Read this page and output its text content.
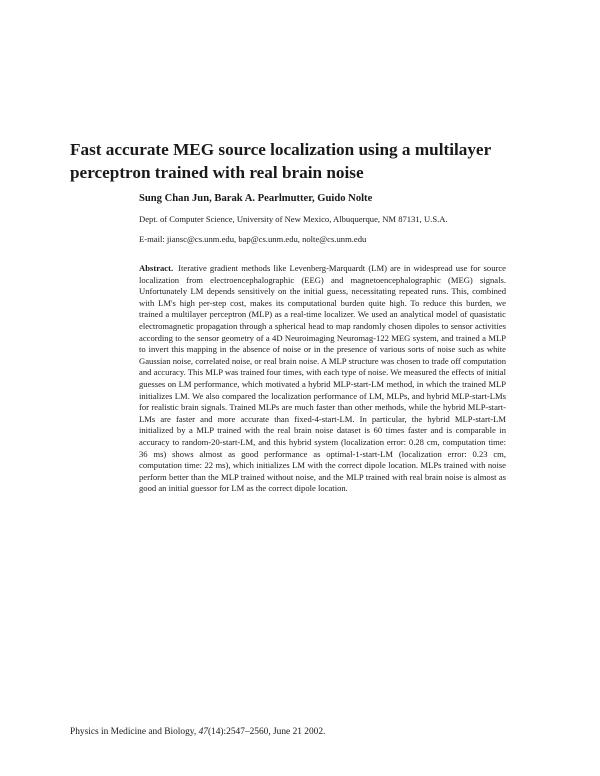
Fast accurate MEG source localization using a multilayer perceptron trained with real brain noise

Sung Chan Jun, Barak A. Pearlmutter, Guido Nolte

Dept. of Computer Science, University of New Mexico, Albuquerque, NM 87131, U.S.A.

E-mail: jiansc@cs.unm.edu, bap@cs.unm.edu, nolte@cs.unm.edu

Abstract. Iterative gradient methods like Levenberg-Marquardt (LM) are in widespread use for source localization from electroencephalographic (EEG) and magnetoencephalographic (MEG) signals. Unfortunately LM depends sensitively on the initial guess, necessitating repeated runs. This, combined with LM's high per-step cost, makes its computational burden quite high. To reduce this burden, we trained a multilayer perceptron (MLP) as a real-time localizer. We used an analytical model of quasistatic electromagnetic propagation through a spherical head to map randomly chosen dipoles to sensor activities according to the sensor geometry of a 4D Neuroimaging Neuromag-122 MEG system, and trained a MLP to invert this mapping in the absence of noise or in the presence of various sorts of noise such as white Gaussian noise, correlated noise, or real brain noise. A MLP structure was chosen to trade off computation and accuracy. This MLP was trained four times, with each type of noise. We measured the effects of initial guesses on LM performance, which motivated a hybrid MLP-start-LM method, in which the trained MLP initializes LM. We also compared the localization performance of LM, MLPs, and hybrid MLP-start-LMs for realistic brain signals. Trained MLPs are much faster than other methods, while the hybrid MLP-start-LMs are faster and more accurate than fixed-4-start-LM. In particular, the hybrid MLP-start-LM initialized by a MLP trained with the real brain noise dataset is 60 times faster and is comparable in accuracy to random-20-start-LM, and this hybrid system (localization error: 0.28 cm, computation time: 36 ms) shows almost as good performance as optimal-1-start-LM (localization error: 0.23 cm, computation time: 22 ms), which initializes LM with the correct dipole location. MLPs trained with noise perform better than the MLP trained without noise, and the MLP trained with real brain noise is almost as good an initial guessor for LM as the correct dipole location.

Physics in Medicine and Biology, 47(14):2547–2560, June 21 2002.
